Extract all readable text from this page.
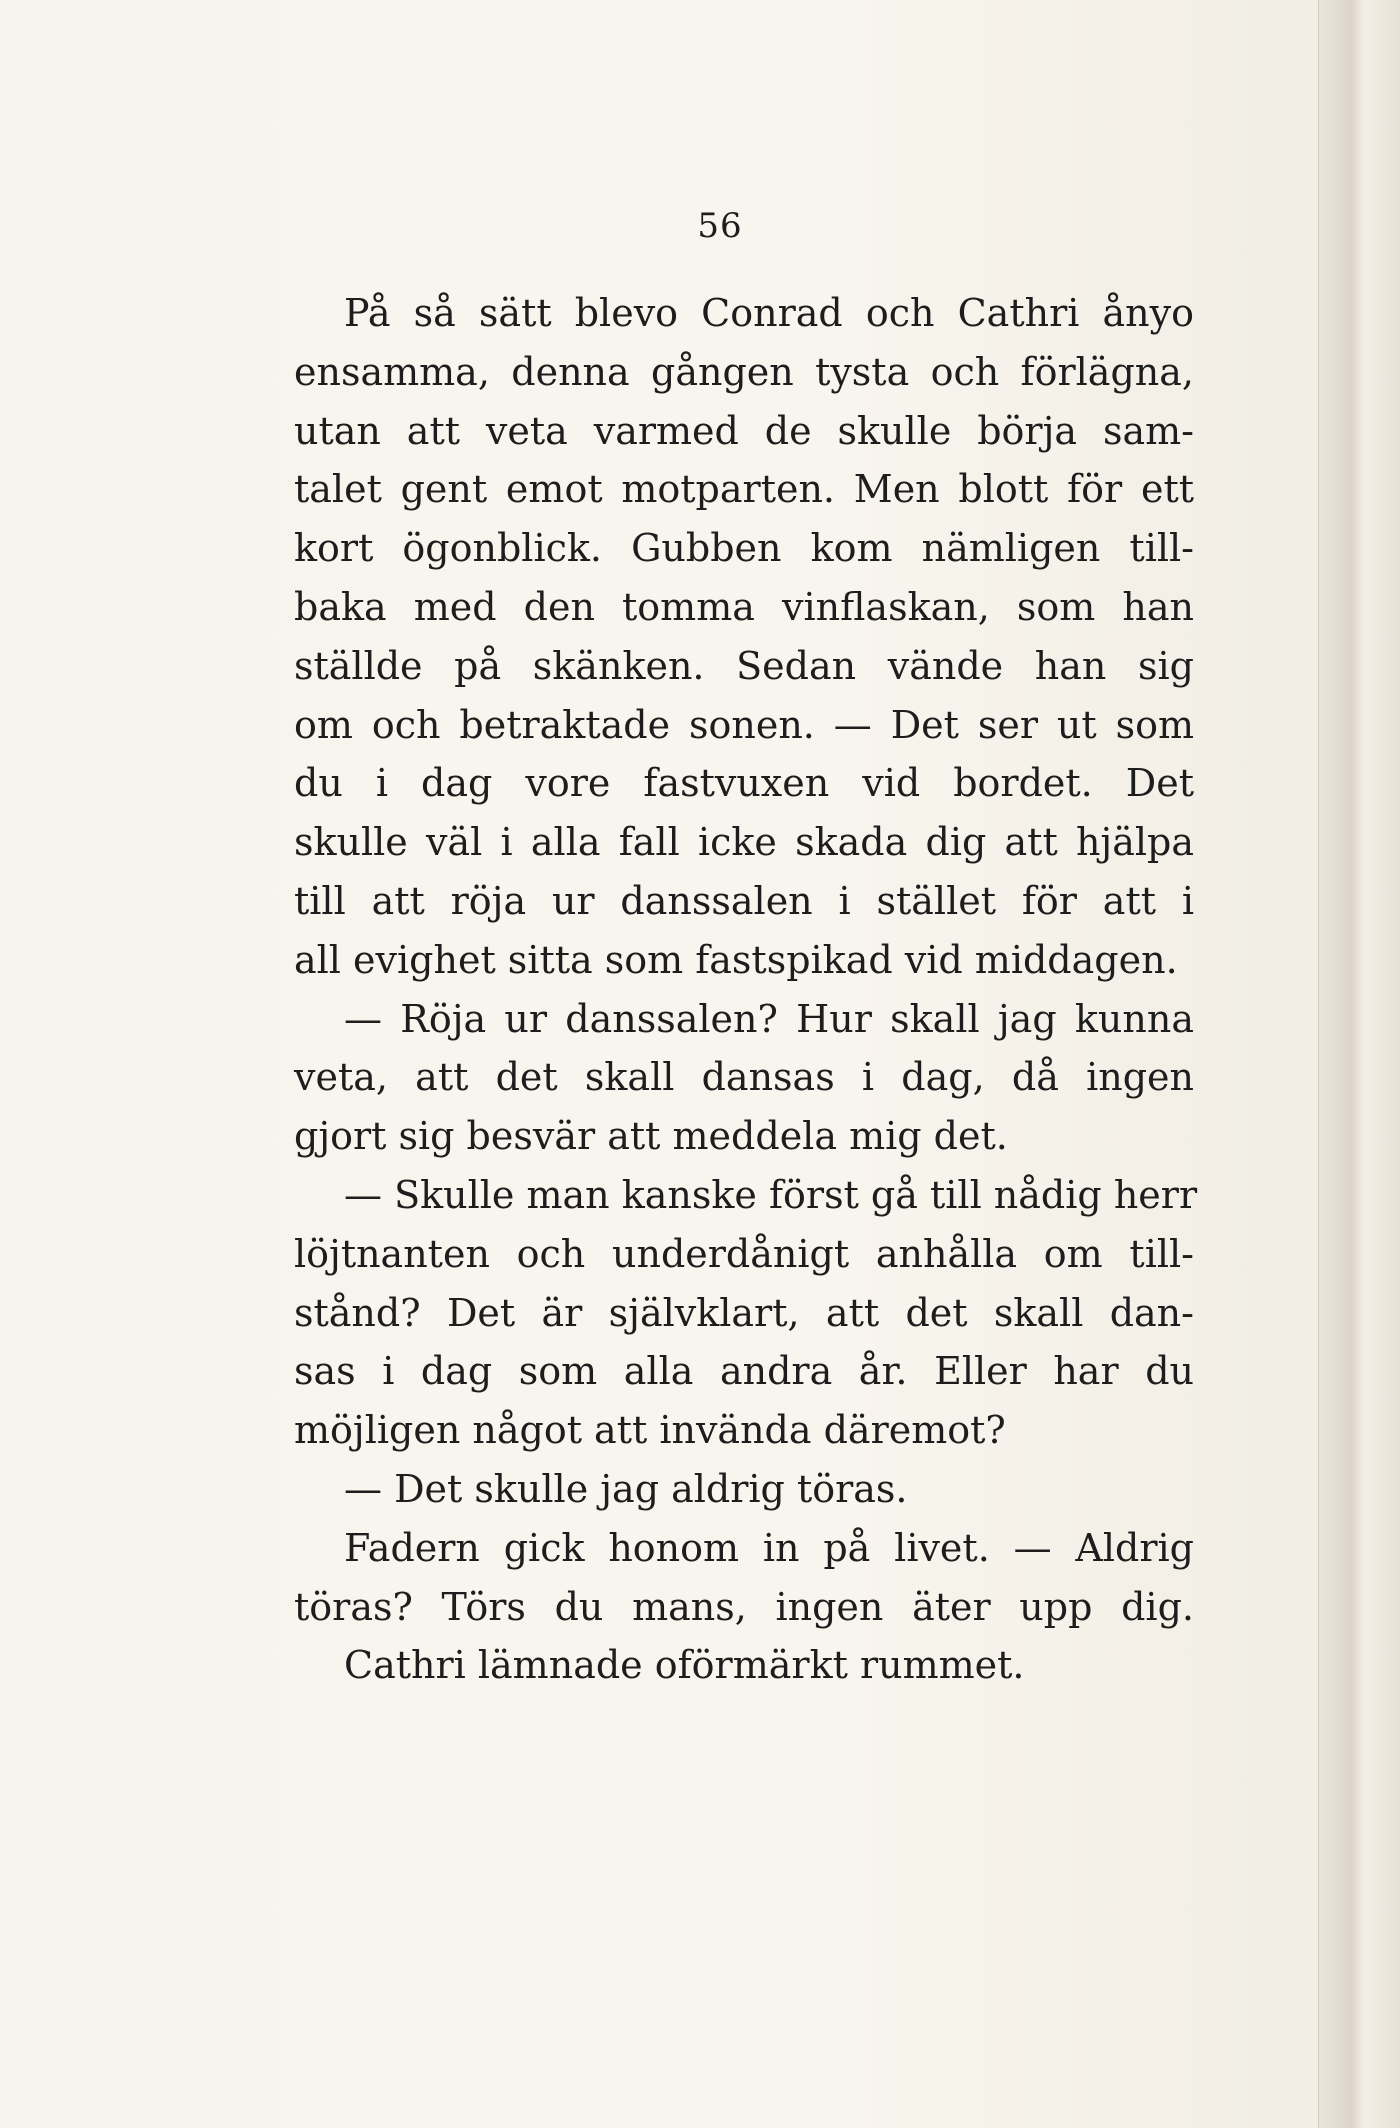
56
På så sätt blevo Conrad och Cathri ånyo
ensamma, denna gången tysta och förlägna,
utan att veta varmed de skulle börja sam-
talet gent emot motparten. Men blott för ett
kort ögonblick. Gubben kom nämligen till-
baka med den tomma vinflaskan, som han
ställde på skänken. Sedan vände han sig
om och betraktade sonen. — Det ser ut som
du i dag vore fastvuxen vid bordet. Det
skulle väl i alla fall icke skada dig att hjälpa
till att röja ur danssalen i stället för att i
all evighet sitta som fastspikad vid middagen.
— Röja ur danssalen? Hur skall jag kunna
veta, att det skall dansas i dag, då ingen
gjort sig besvär att meddela mig det.
— Skulle man kanske först gå till nådig herr
löjtnanten och underdånigt anhålla om till-
stånd? Det är självklart, att det skall dan-
sas i dag som alla andra år. Eller har du
möjligen något att invända däremot?
— Det skulle jag aldrig töras.
Fadern gick honom in på livet. — Aldrig
töras? Törs du mans, ingen äter upp dig.
Cathri lämnade oförmärkt rummet.
